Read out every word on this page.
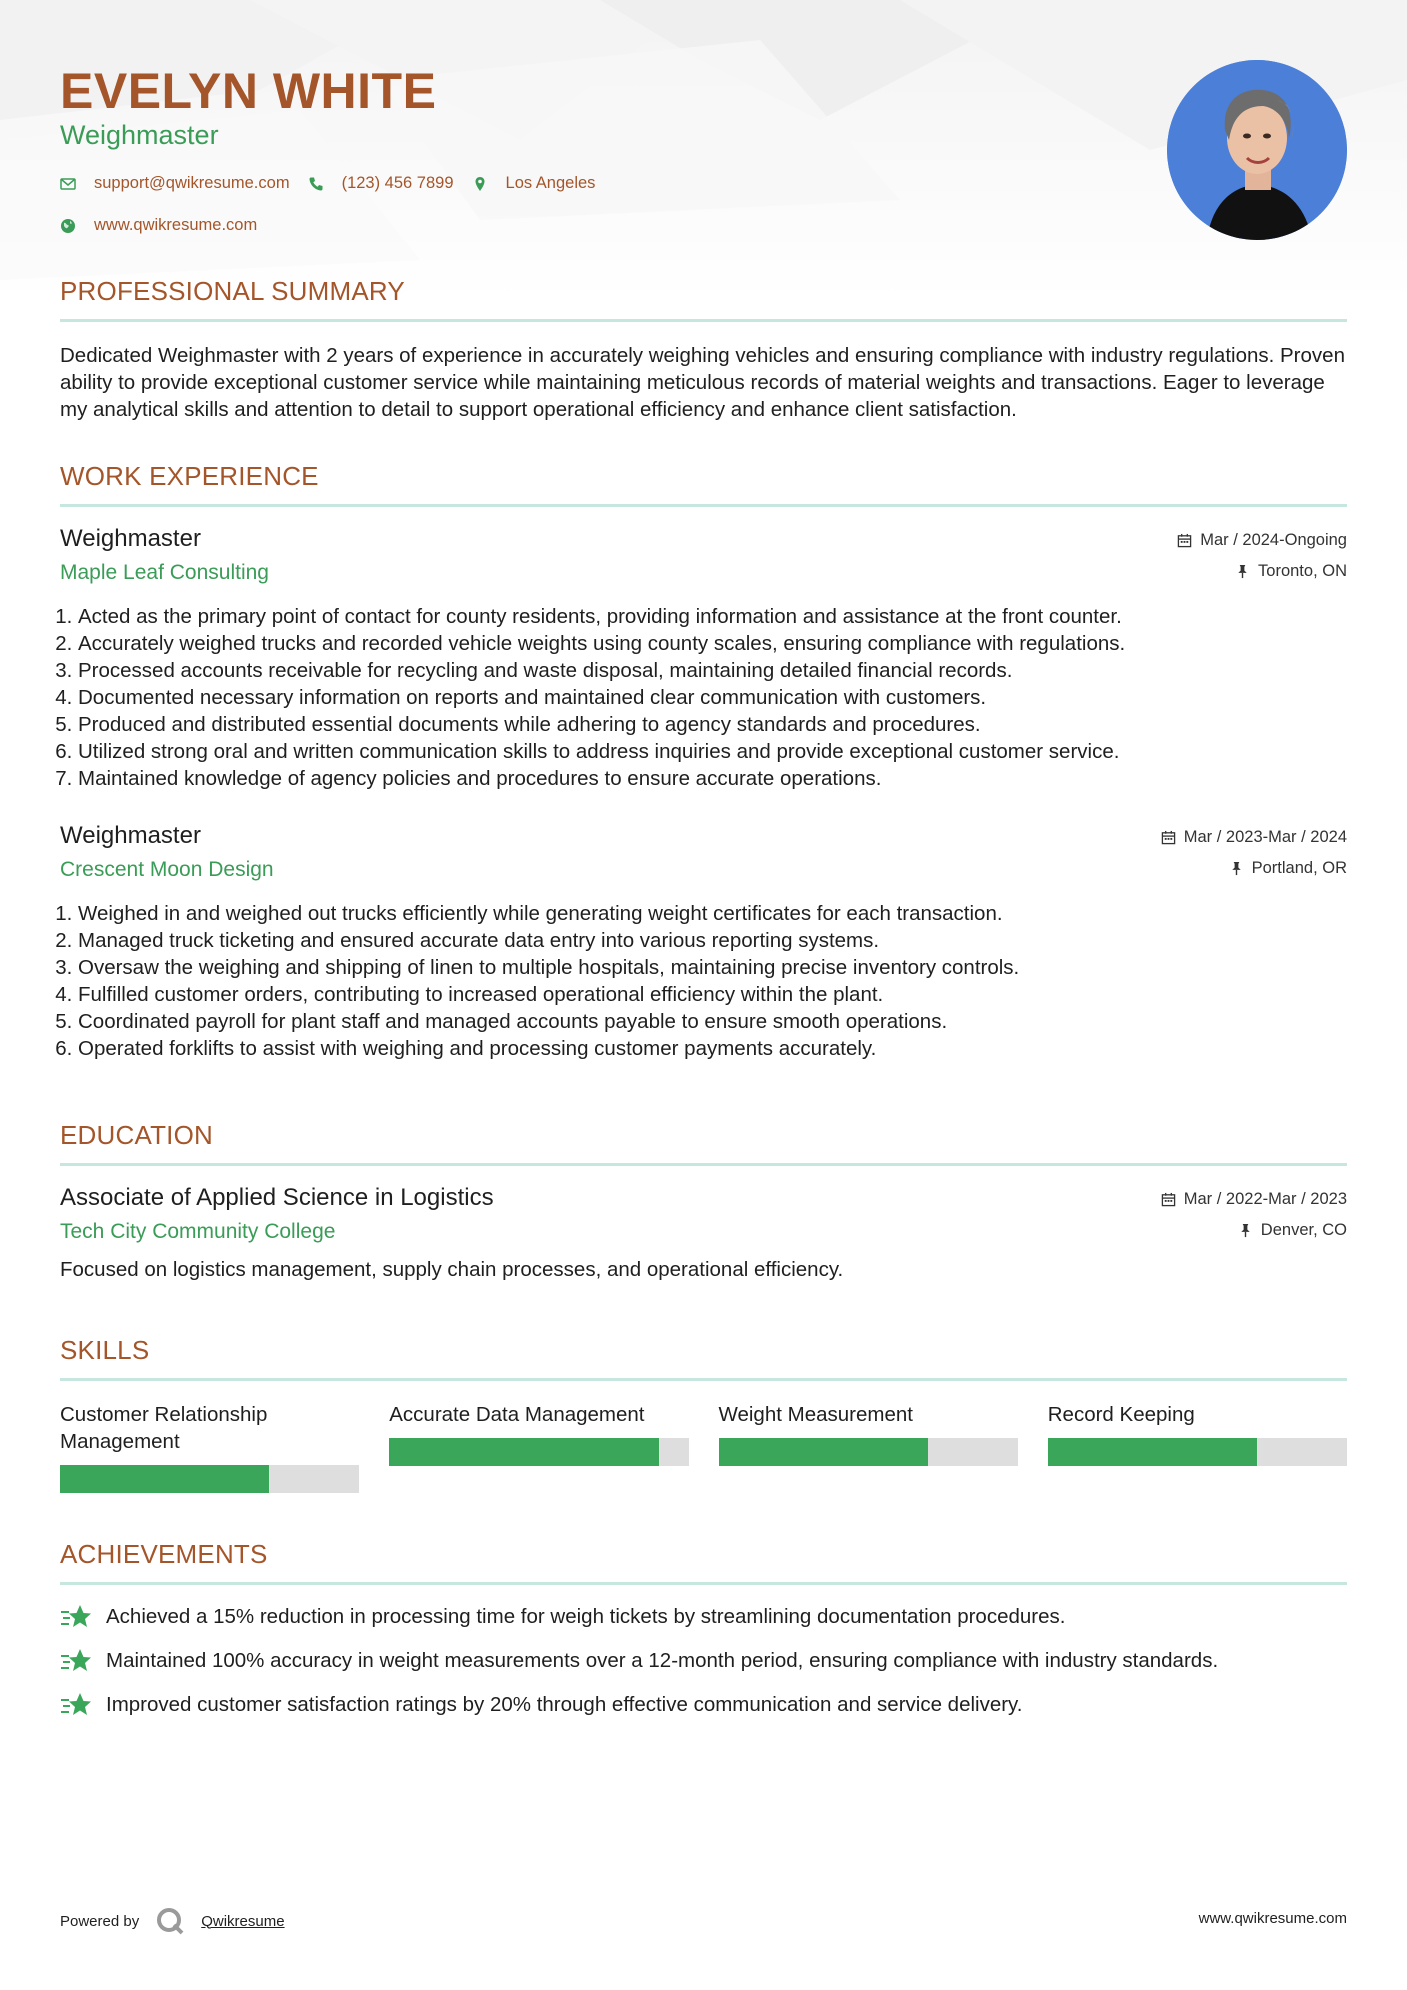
EVELYN WHITE
Weighmaster
support@qwikresume.com	(123) 456 7899	Los Angeles
www.qwikresume.com
PROFESSIONAL SUMMARY

Dedicated Weighmaster with 2 years of experience in accurately weighing vehicles and ensuring compliance with industry regulations. Proven ability to provide exceptional customer service while maintaining meticulous records of material weights and transactions. Eager to leverage my analytical skills and attention to detail to support operational efficiency and enhance client satisfaction.

WORK EXPERIENCE
Weighmaster
Maple Leaf Consulting
Mar / 2024-Ongoing
Toronto, ON
1. Acted as the primary point of contact for county residents, providing information and assistance at the front counter.
2. Accurately weighed trucks and recorded vehicle weights using county scales, ensuring compliance with regulations.
3. Processed accounts receivable for recycling and waste disposal, maintaining detailed financial records.
4. Documented necessary information on reports and maintained clear communication with customers.
5. Produced and distributed essential documents while adhering to agency standards and procedures.
6. Utilized strong oral and written communication skills to address inquiries and provide exceptional customer service.
7. Maintained knowledge of agency policies and procedures to ensure accurate operations.
Weighmaster
Crescent Moon Design
Mar / 2023-Mar / 2024
Portland, OR
1. Weighed in and weighed out trucks efficiently while generating weight certificates for each transaction.
2. Managed truck ticketing and ensured accurate data entry into various reporting systems.
3. Oversaw the weighing and shipping of linen to multiple hospitals, maintaining precise inventory controls.
4. Fulfilled customer orders, contributing to increased operational efficiency within the plant.
5. Coordinated payroll for plant staff and managed accounts payable to ensure smooth operations.
6. Operated forklifts to assist with weighing and processing customer payments accurately.
EDUCATION
Associate of Applied Science in Logistics
Tech City Community College
Mar / 2022-Mar / 2023
Denver, CO

Focused on logistics management, supply chain processes, and operational efficiency.

SKILLS
Customer Relationship Management
Accurate Data Management	Weight Measurement	Record Keeping
ACHIEVEMENTS
Achieved a 15% reduction in processing time for weigh tickets by streamlining documentation procedures.
Maintained 100% accuracy in weight measurements over a 12-month period, ensuring compliance with industry standards.
Improved customer satisfaction ratings by 20% through effective communication and service delivery.
Powered by	Qwikresume	www.qwikresume.com
